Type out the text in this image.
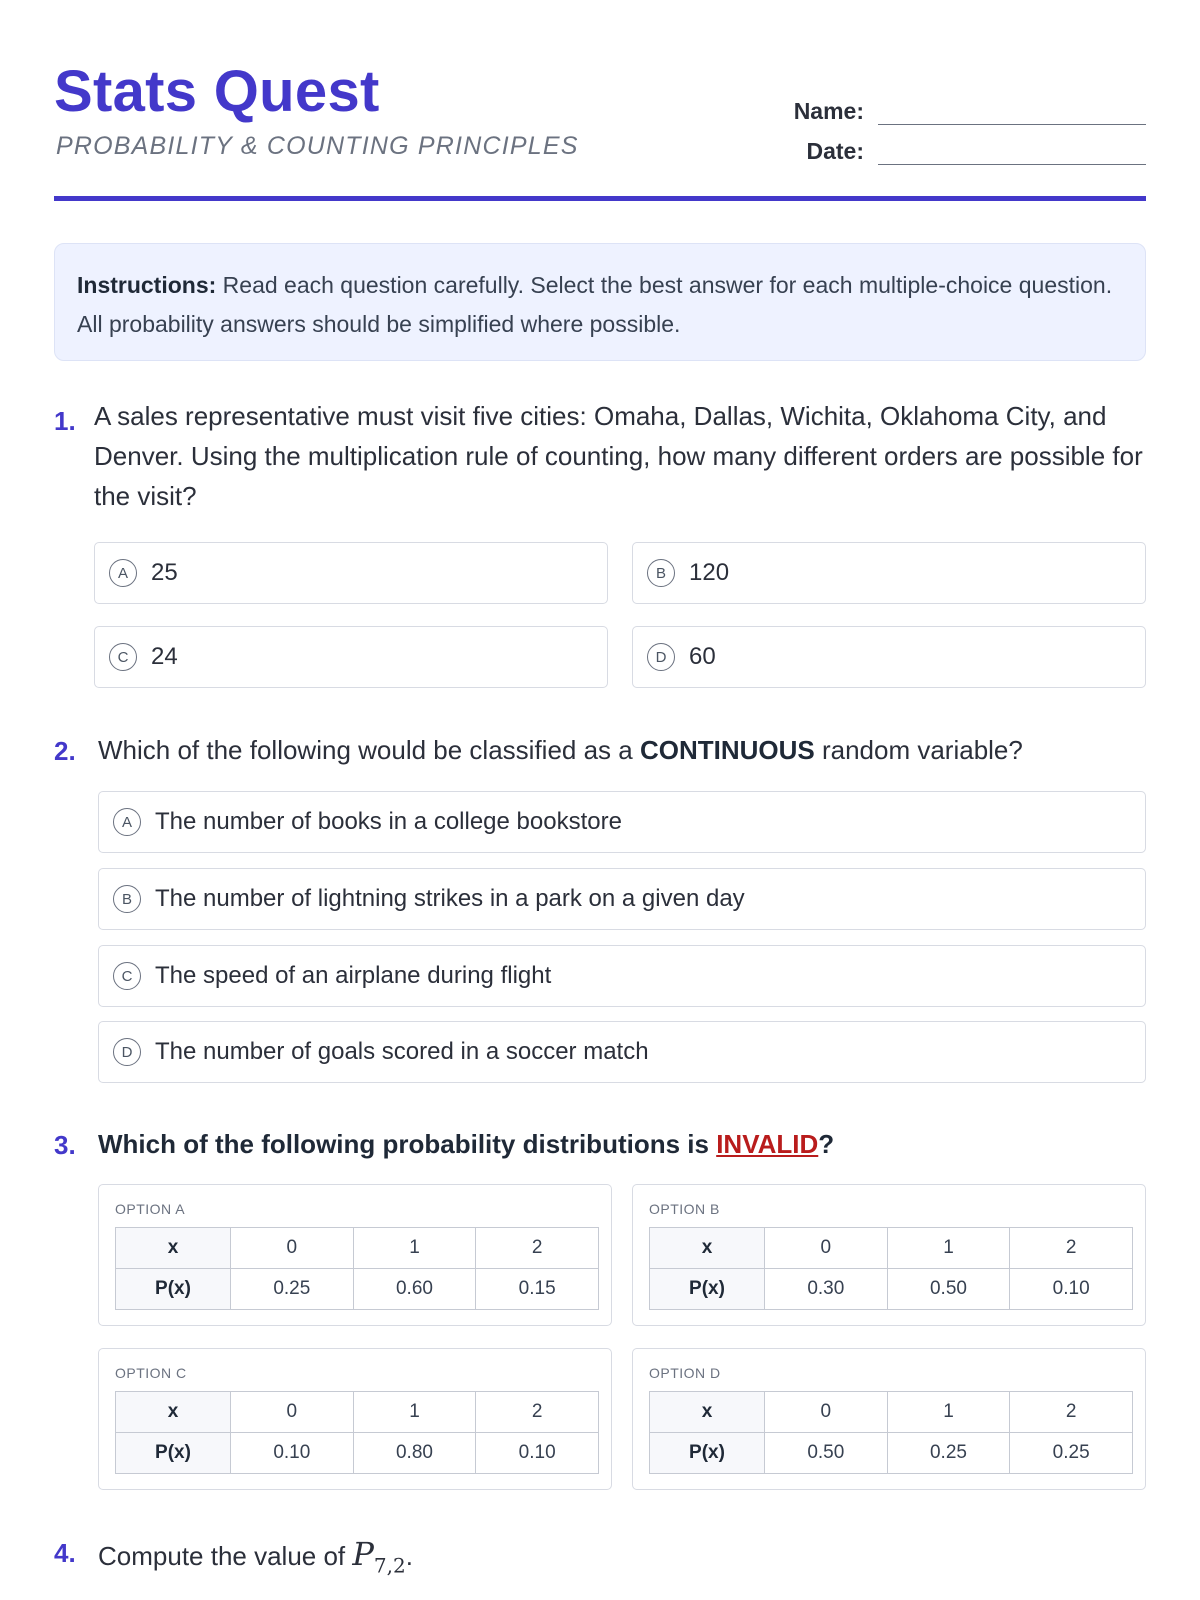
Stats Quest
PROBABILITY & COUNTING PRINCIPLES
Name:
Date:
Instructions: Read each question carefully. Select the best answer for each multiple-choice question. All probability answers should be simplified where possible.
1. A sales representative must visit five cities: Omaha, Dallas, Wichita, Oklahoma City, and Denver. Using the multiplication rule of counting, how many different orders are possible for the visit?
A 25	B 120
C 24	D 60
2. Which of the following would be classified as a CONTINUOUS random variable?
A The number of books in a college bookstore
B The number of lightning strikes in a park on a given day
C The speed of an airplane during flight
D The number of goals scored in a soccer match
3. Which of the following probability distributions is INVALID?
OPTION A
x	0	1	2
P(x)	0.25	0.60	0.15
OPTION B
x	0	1	2
P(x)	0.30	0.50	0.10
OPTION C
x	0	1	2
P(x)	0.10	0.80	0.10
OPTION D
x	0	1	2
P(x)	0.50	0.25	0.25
4. Compute the value of $P_{7,2}$.
